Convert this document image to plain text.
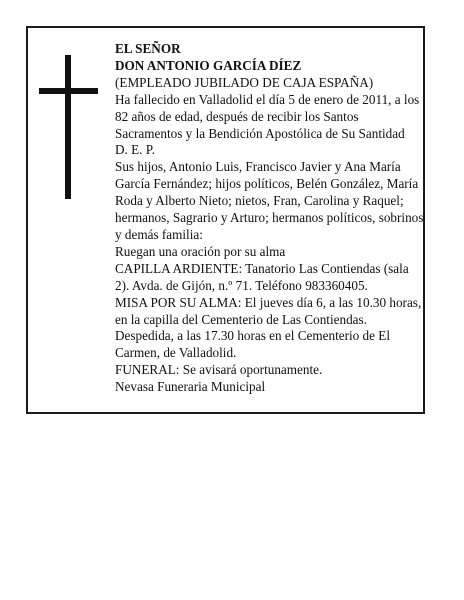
EL SEÑOR

DON ANTONIO GARCÍA DÍEZ

(EMPLEADO JUBILADO DE CAJA ESPAÑA)

Ha fallecido en Valladolid el día 5 de enero de 2011, a los 82 años de edad, después de recibir los Santos Sacramentos y la Bendición Apostólica de Su Santidad

D. E. P.

Sus hijos, Antonio Luis, Francisco Javier y Ana María García Fernández; hijos políticos, Belén González, María Roda y Alberto Nieto; nietos, Fran, Carolina y Raquel; hermanos, Sagrario y Arturo; hermanos políticos, sobrinos y demás familia:

Ruegan una oración por su alma

CAPILLA ARDIENTE: Tanatorio Las Contiendas (sala 2). Avda. de Gijón, n.º 71. Teléfono 983360405.

MISA POR SU ALMA: El jueves día 6, a las 10.30 horas, en la capilla del Cementerio de Las Contiendas. Despedida, a las 17.30 horas en el Cementerio de El Carmen, de Valladolid.

FUNERAL: Se avisará oportunamente.

Nevasa Funeraria Municipal
